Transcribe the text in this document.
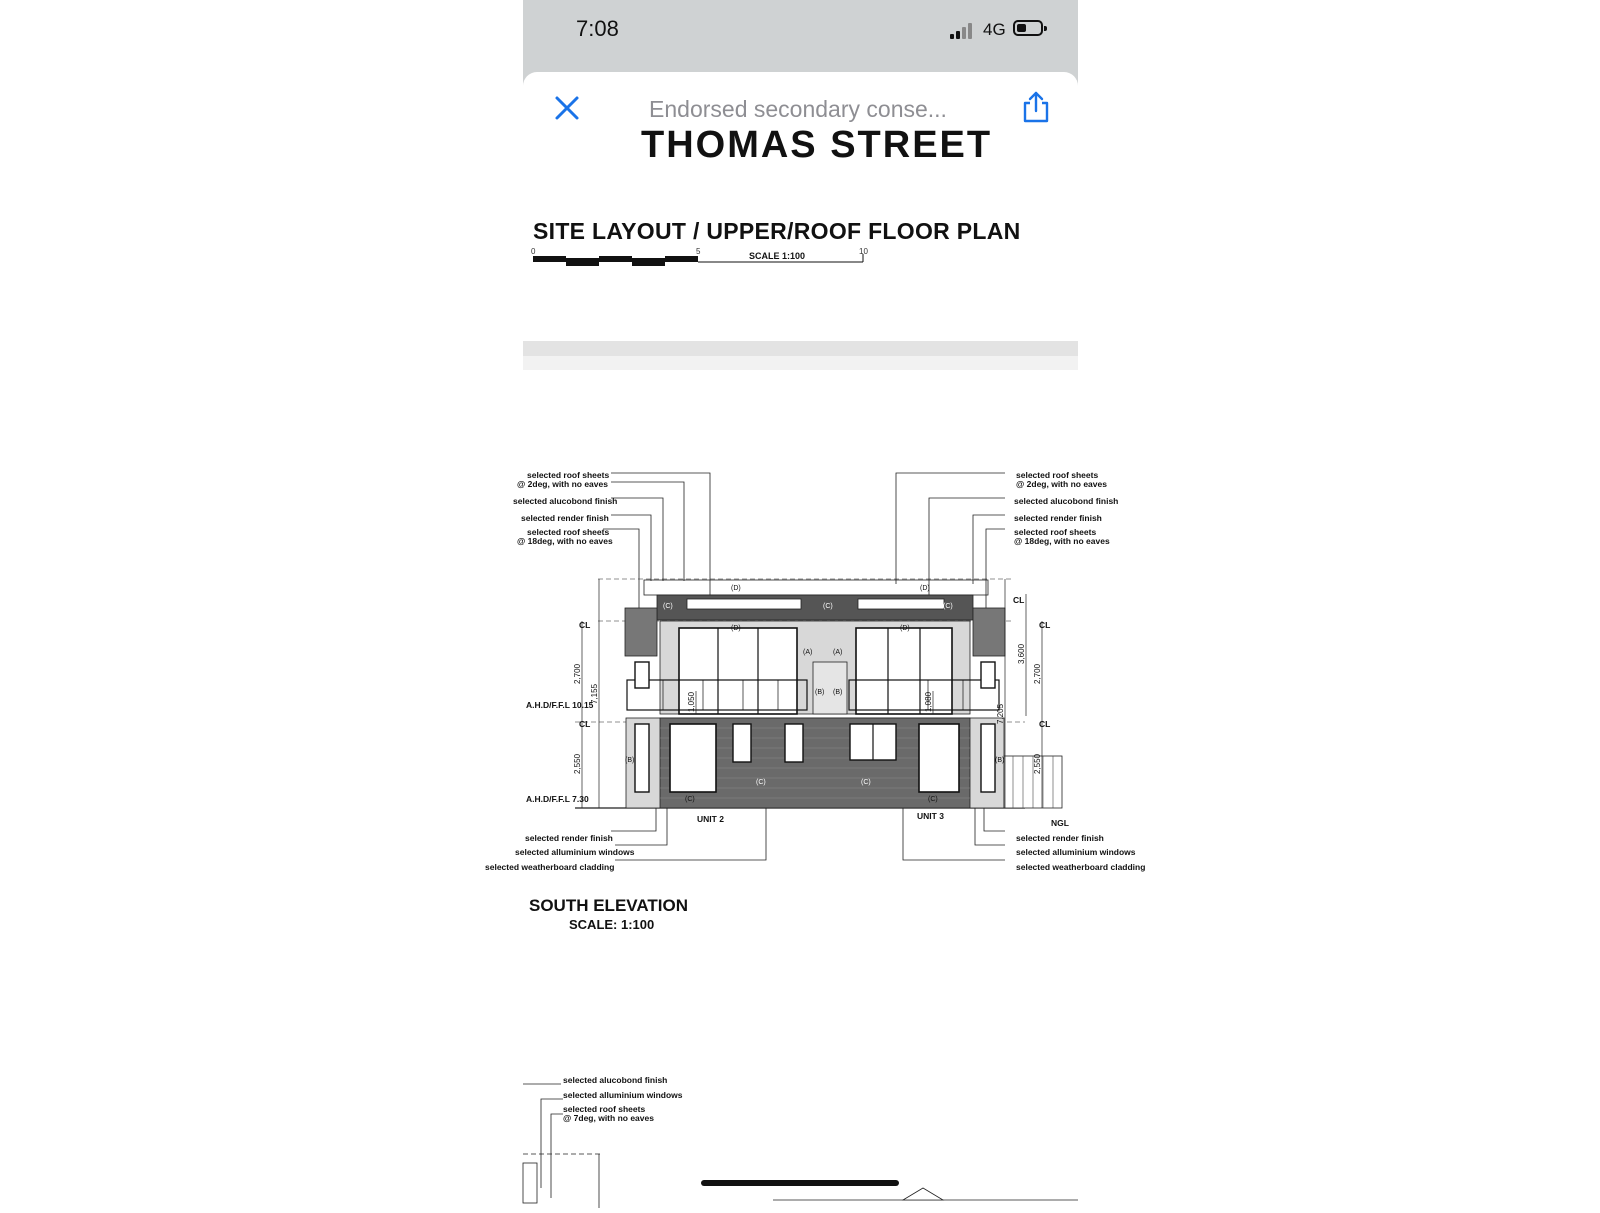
7:08	4G
Endorsed secondary conse...
THOMAS STREET
SITE LAYOUT / UPPER/ROOF FLOOR PLAN
0	5	10
SCALE 1:100
A.H.D/F.F.L 10.15
A.H.D/F.F.L 7.30
CL
CL
CL
CL
CL
NGL
2,700
2,550
7,155	1,050
7,205
3,600
2,700
2,550
1,080
(D)	(D)
(D)	(D)
(C)	(C)	(C)
(A)	(A)
(B) (B)
(B)	(B)
(C)	(C)
(C)	(C)
UNIT 2	UNIT 3
selected roof sheets
@ 2deg, with no eaves
selected alucobond finish
selected render finish
selected roof sheets
@ 18deg, with no eaves
selected roof sheets
@ 2deg, with no eaves
selected alucobond finish
selected render finish
selected roof sheets
@ 18deg, with no eaves
selected render finish
selected alluminium windows
selected weatherboard cladding
selected render finish
selected alluminium windows
selected weatherboard cladding
SOUTH ELEVATION
SCALE: 1:100
selected alucobond finish
selected alluminium windows
selected roof sheets
@ 7deg, with no eaves
